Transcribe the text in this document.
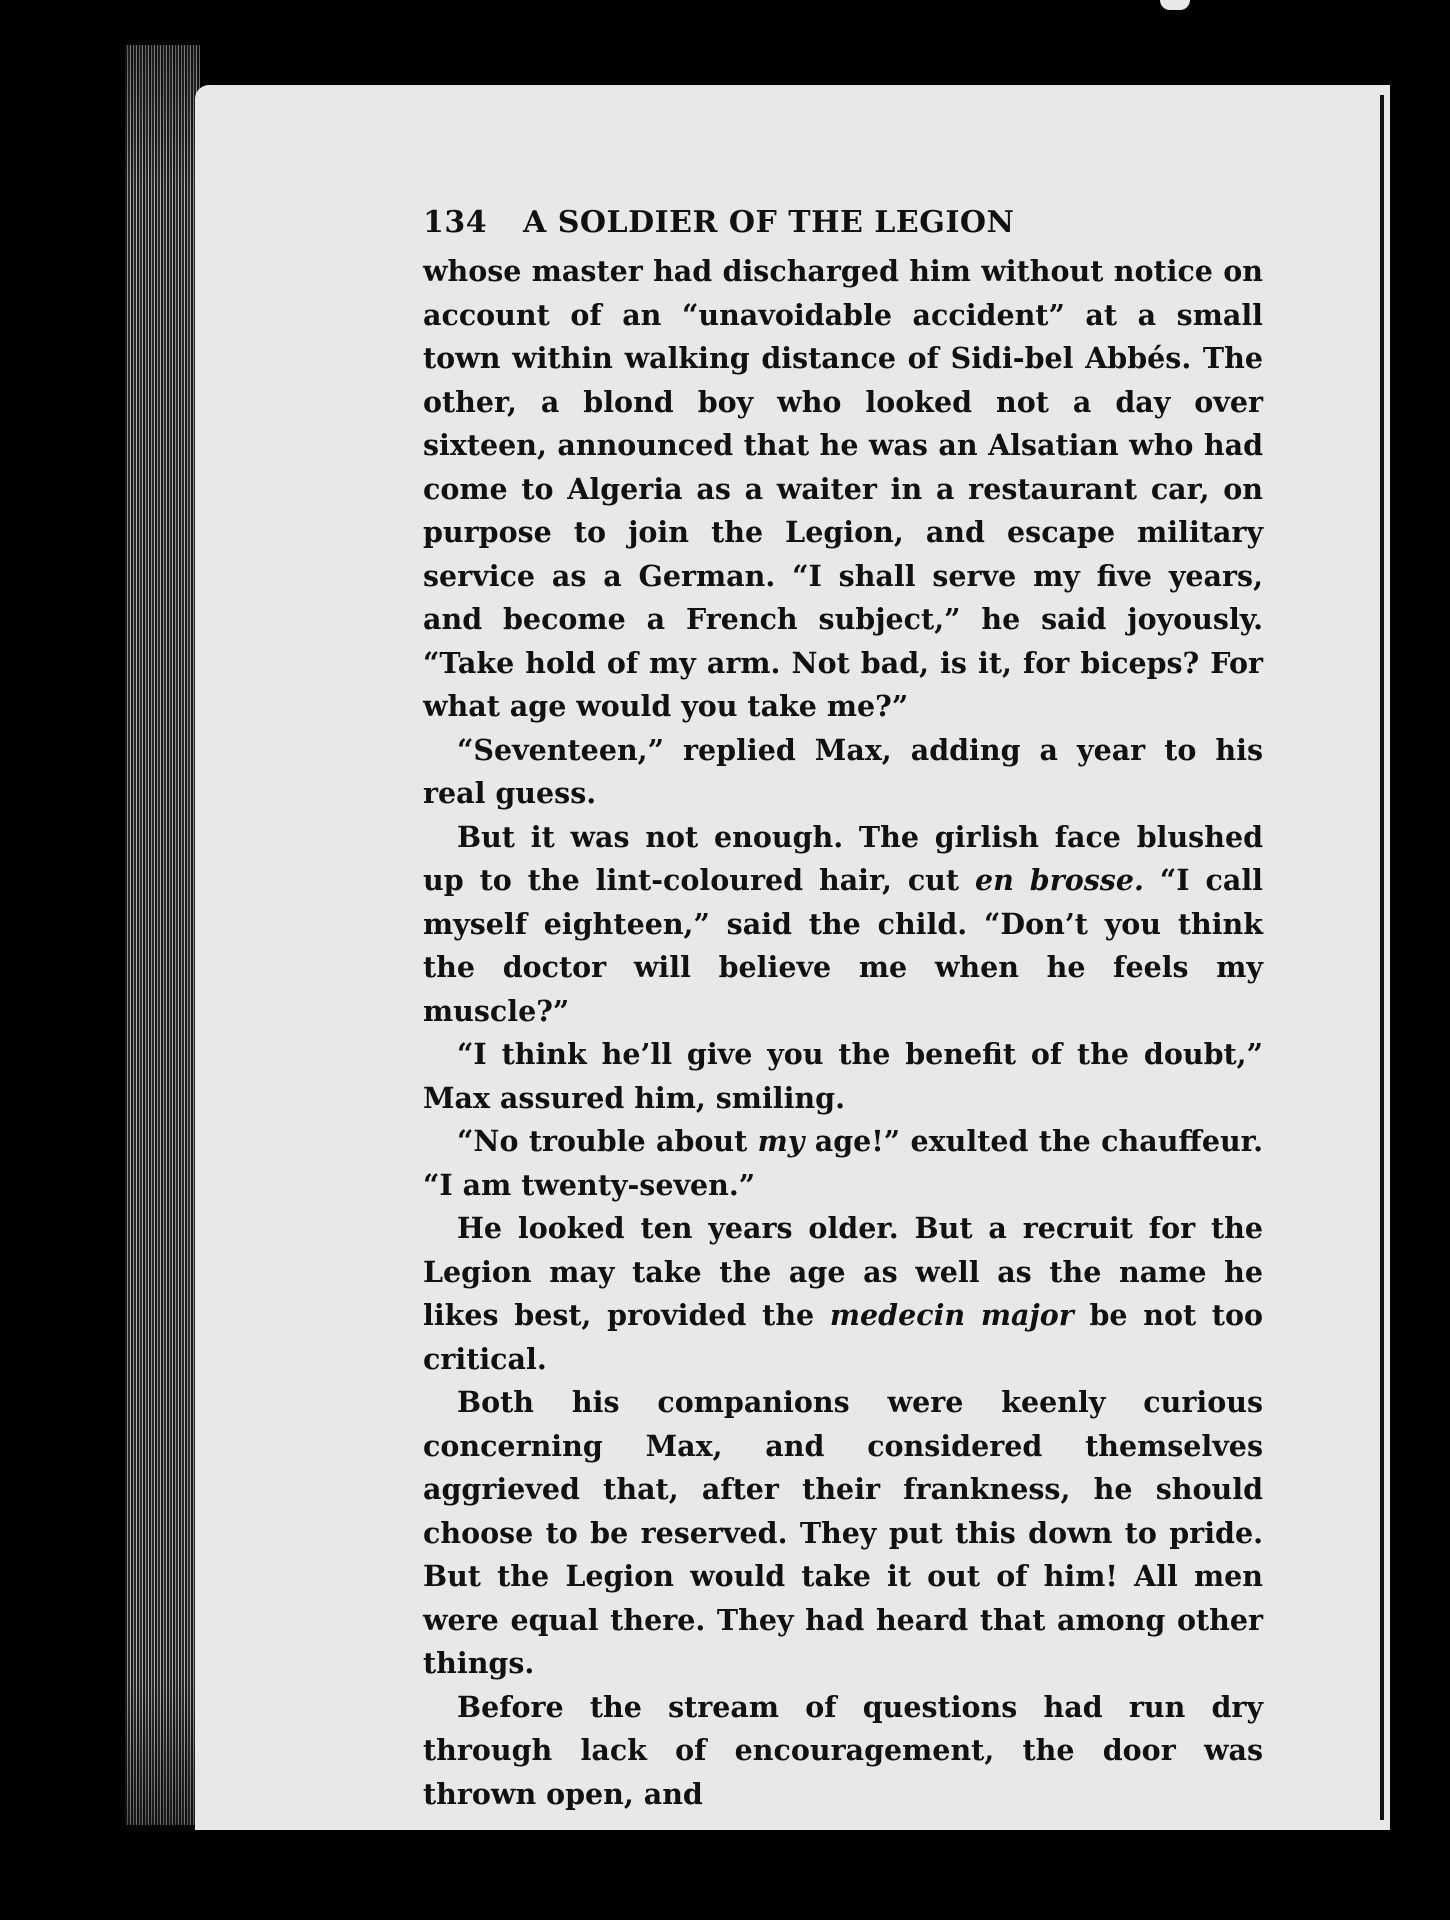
134	A SOLDIER OF THE LEGION

whose master had discharged him without notice on account of an “unavoidable accident” at a small town within walking distance of Sidi-bel Abbés. The other, a blond boy who looked not a day over sixteen, announced that he was an Alsatian who had come to Algeria as a waiter in a restaurant car, on purpose to join the Legion, and escape military service as a German. “I shall serve my five years, and become a French subject,” he said joyously. “Take hold of my arm. Not bad, is it, for biceps? For what age would you take me?”

“Seventeen,” replied Max, adding a year to his real guess.

But it was not enough. The girlish face blushed up to the lint-coloured hair, cut en brosse. “I call myself eighteen,” said the child. “Don’t you think the doctor will believe me when he feels my muscle?”

“I think he’ll give you the benefit of the doubt,” Max assured him, smiling.

“No trouble about my age!” exulted the chauffeur. “I am twenty-seven.”

He looked ten years older. But a recruit for the Legion may take the age as well as the name he likes best, provided the medecin major be not too critical.

Both his companions were keenly curious concerning Max, and considered themselves aggrieved that, after their frankness, he should choose to be reserved. They put this down to pride. But the Legion would take it out of him! All men were equal there. They had heard that among other things.

Before the stream of questions had run dry through lack of encouragement, the door was thrown open, and
